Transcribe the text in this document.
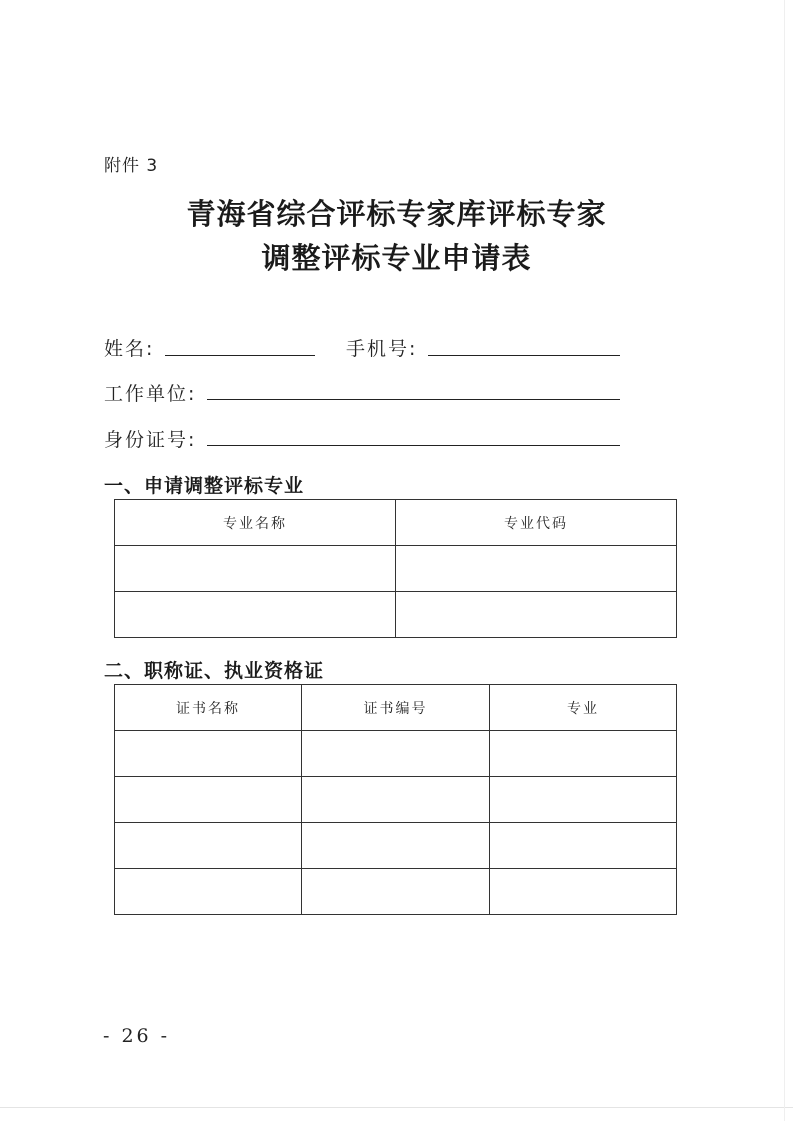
附件 3
青海省综合评标专家库评标专家
调整评标专业申请表
姓名:	手机号:
工作单位:
身份证号:
一、申请调整评标专业
专业名称	专业代码

二、职称证、执业资格证
证书名称	证书编号	专业

- 26 -
